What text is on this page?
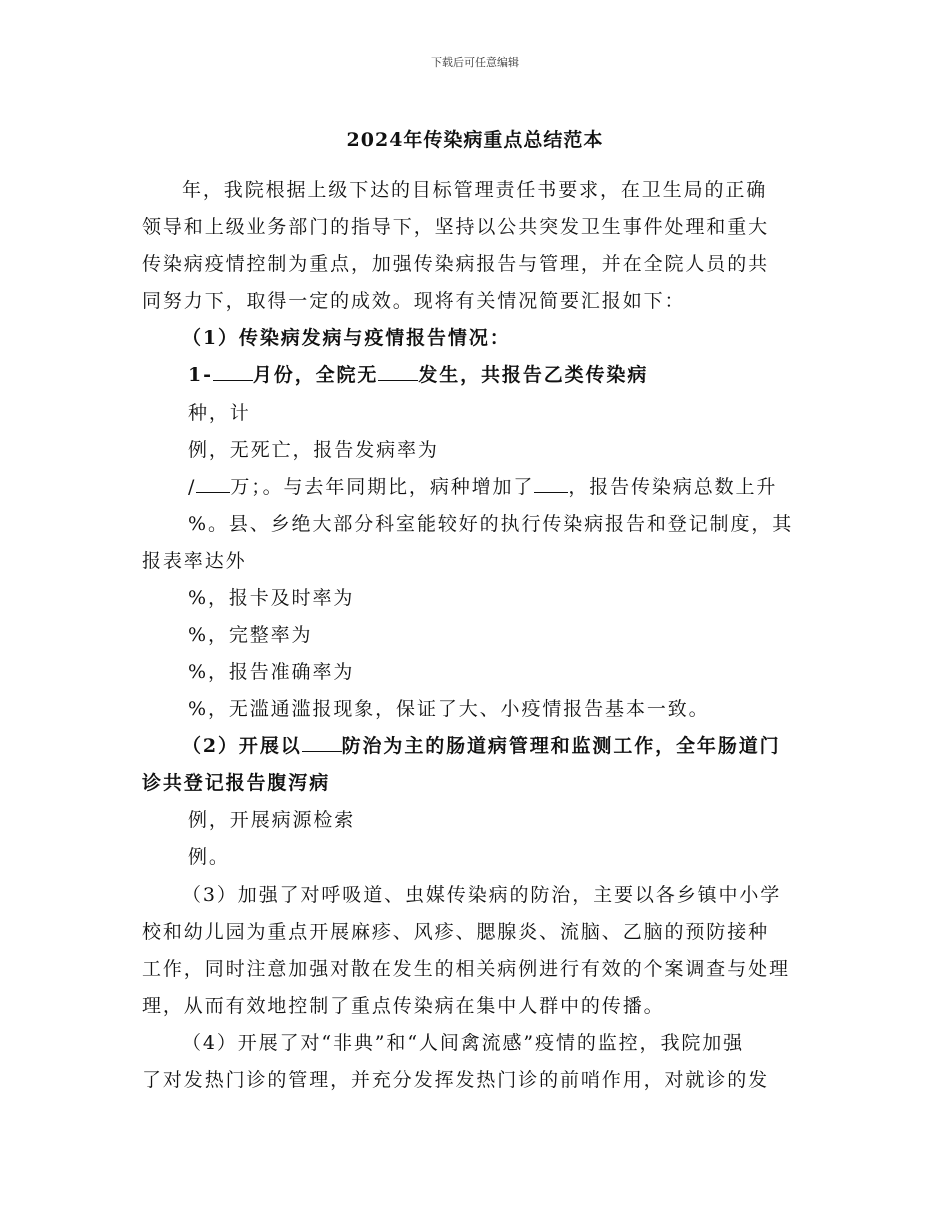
下载后可任意编辑
2024年传染病重点总结范本
年，我院根据上级下达的目标管理责任书要求，在卫生局的正确
领导和上级业务部门的指导下，坚持以公共突发卫生事件处理和重大
传染病疫情控制为重点，加强传染病报告与管理，并在全院人员的共
同努力下，取得一定的成效。现将有关情况简要汇报如下：
（1）传染病发病与疫情报告情况：
1- 月份，全院无 发生，共报告乙类传染病
种，计
例，无死亡，报告发病率为
/ 万；。与去年同期比，病种增加了 ，报告传染病总数上升
%。县、乡绝大部分科室能较好的执行传染病报告和登记制度，其
报表率达外
%，报卡及时率为
%，完整率为
%，报告准确率为
%，无滥通滥报现象，保证了大、小疫情报告基本一致。
（2）开展以 防治为主的肠道病管理和监测工作，全年肠道门
诊共登记报告腹泻病
例，开展病源检索
例。
（3）加强了对呼吸道、虫媒传染病的防治，主要以各乡镇中小学
校和幼儿园为重点开展麻疹、风疹、腮腺炎、流脑、乙脑的预防接种
工作，同时注意加强对散在发生的相关病例进行有效的个案调查与处理
理，从而有效地控制了重点传染病在集中人群中的传播。
（4）开展了对“非典”和“人间禽流感”疫情的监控，我院加强
了对发热门诊的管理，并充分发挥发热门诊的前哨作用，对就诊的发
